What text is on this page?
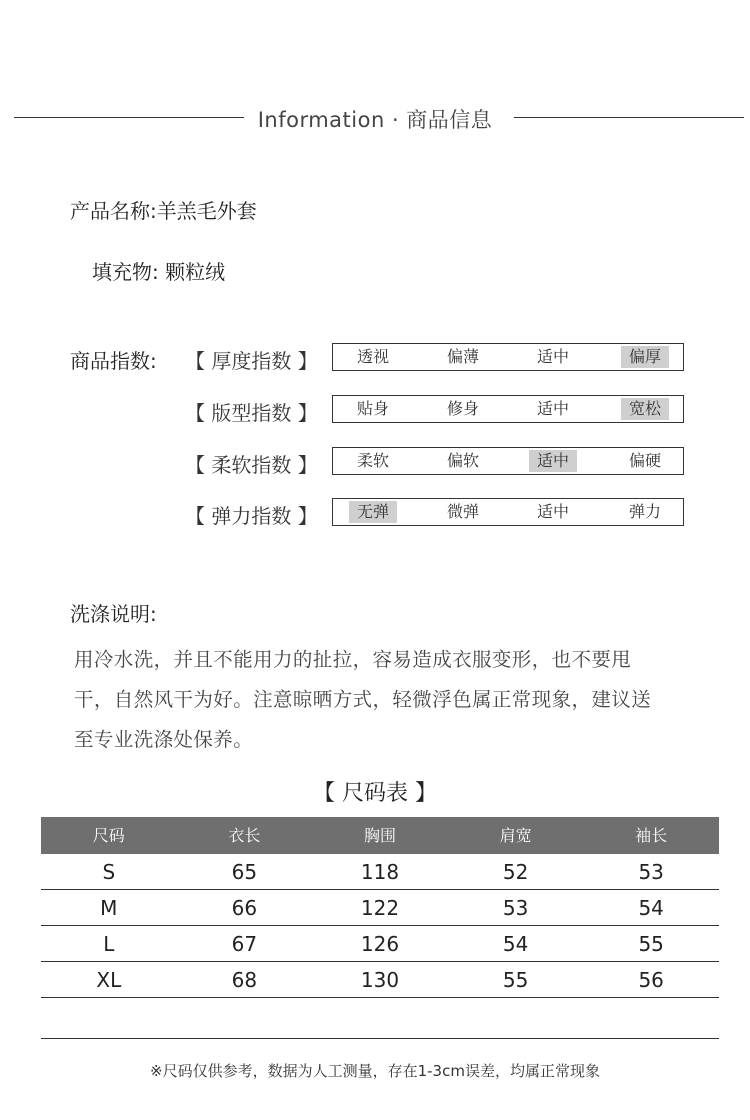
Information · 商品信息
产品名称:羊羔毛外套
填充物: 颗粒绒
商品指数: 【 厚度指数 】	透视	偏薄	适中	偏厚
【 版型指数 】	贴身	修身	适中	宽松
【 柔软指数 】	柔软	偏软	适中	偏硬
【 弹力指数 】	无弹	微弹	适中	弹力
洗涤说明:
用冷水洗，并且不能用力的扯拉，容易造成衣服变形，也不要甩
干，自然风干为好。注意晾晒方式，轻微浮色属正常现象，建议送
至专业洗涤处保养。
【 尺码表 】
尺码	衣长	胸围	肩宽	袖长
S	65	118	52	53
M	66	122	53	54
L	67	126	54	55
XL	68	130	55	56
※尺码仅供参考，数据为人工测量，存在1-3cm误差，均属正常现象
